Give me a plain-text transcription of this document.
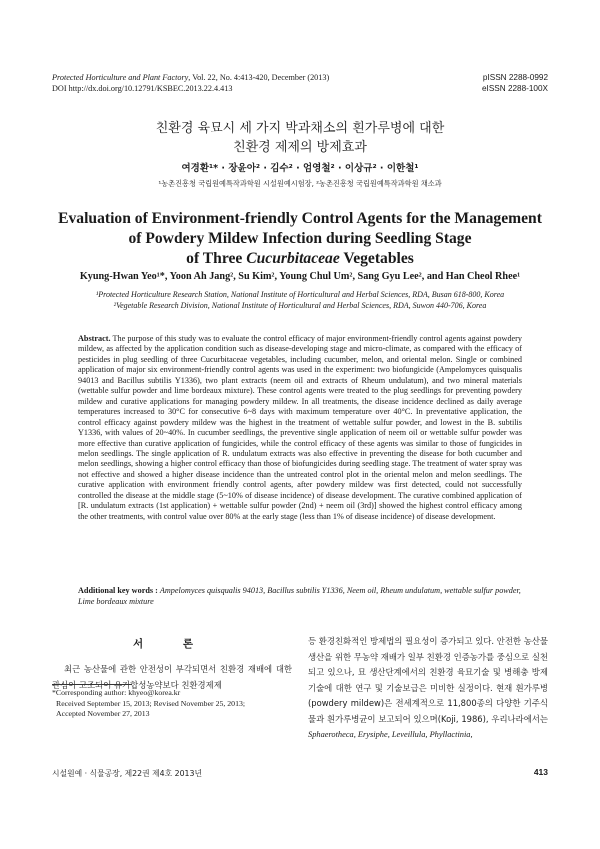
Protected Horticulture and Plant Factory, Vol. 22, No. 4:413-420, December (2013)
DOI http://dx.doi.org/10.12791/KSBEC.2013.22.4.413
pISSN 2288-0992
eISSN 2288-100X
친환경 육묘시 세 가지 박과채소의 흰가루병에 대한
친환경 제제의 방제효과
여경환¹* · 장윤아² · 김수² · 엄영철² · 이상규² · 이한철¹
¹농촌진흥청 국립원예특작과학원 시설원예시험장, ²농촌진흥청 국립원예특작과학원 채소과
Evaluation of Environment-friendly Control Agents for the Management
of Powdery Mildew Infection during Seedling Stage
of Three Cucurbitaceae Vegetables
Kyung-Hwan Yeo¹*, Yoon Ah Jang², Su Kim², Young Chul Um², Sang Gyu Lee², and Han Cheol Rhee¹
¹Protected Horticulture Research Station, National Institute of Horticultural and Herbal Sciences, RDA, Busan 618-800, Korea
²Vegetable Research Division, National Institute of Horticultural and Herbal Sciences, RDA, Suwon 440-706, Korea
Abstract. The purpose of this study was to evaluate the control efficacy of major environment-friendly control agents against powdery mildew, as affected by the application condition such as disease-developing stage and micro-climate, as compared with the efficacy of pesticides in plug seedling of three Cucurbitaceae vegetables, including cucumber, melon, and oriental melon. Single or combined application of major six environment-friendly control agents was used in the experiment: two biofungicide (Ampelomyces quisqualis 94013 and Bacillus subtilis Y1336), two plant extracts (neem oil and extracts of Rheum undulatum), and two mineral materials (wettable sulfur powder and lime bordeaux mixture). These control agents were treated to the plug seedlings for preventing powdery mildew and curative applications for managing powdery mildew. In all treatments, the disease incidence declined as daily average temperatures increased to 30°C for consecutive 6~8 days with maximum temperature over 40°C. In preventative application, the control efficacy against powdery mildew was the highest in the treatment of wettable sulfur powder, and lowest in the B. subtilis Y1336, with values of 20~40%. In cucumber seedlings, the preventive single application of neem oil or wettable sulfur powder was more effective than curative application of fungicides, while the control efficacy of these agents was similar to those of fungicides in melon seedlings. The single application of R. undulatum extracts was also effective in preventing the disease for both cucumber and melon seedlings, showing a higher control efficacy than those of biofungicides during seedling stage. The treatment of water spray was not effective and showed a higher disease incidence than the untreated control plot in the oriental melon and melon seedlings. The curative application with environment friendly control agents, after powdery mildew was first detected, could not successfully controlled the disease at the middle stage (5~10% of disease incidence) of disease development. The curative combined application of [R. undulatum extracts (1st application) + wettable sulfur powder (2nd) + neem oil (3rd)] showed the highest control efficacy among the other treatments, with control value over 80% at the early stage (less than 1% of disease incidence) of disease development.
Additional key words : Ampelomyces quisqualis 94013, Bacillus subtilis Y1336, Neem oil, Rheum undulatum, wettable sulfur powder, Lime bordeaux mixture
서 론
최근 농산물에 관한 안전성이 부각되면서 친환경 재배에 대한 관심이 고조되어 유기합성농약보다 친환경제제
*Corresponding author: khyeo@korea.kr
Received September 15, 2013; Revised November 25, 2013;
Accepted November 27, 2013
등 환경친화적인 방제법의 필요성이 증가되고 있다. 안전한 농산물 생산을 위한 무농약 재배가 일부 친환경 인증농가를 중심으로 실천되고 있으나, 묘 생산단계에서의 친환경 육묘기술 및 병해충 방제기술에 대한 연구 및 기술보급은 미비한 실정이다. 현재 흰가루병(powdery mildew)은 전세계적으로 11,800종의 다양한 기주식물과 흰가루병균이 보고되어 있으며(Koji, 1986), 우리나라에서는 Sphaerotheca, Erysiphe, Leveillula, Phyllactinia,
시설원예 · 식물공장, 제22권 제4호 2013년	413
